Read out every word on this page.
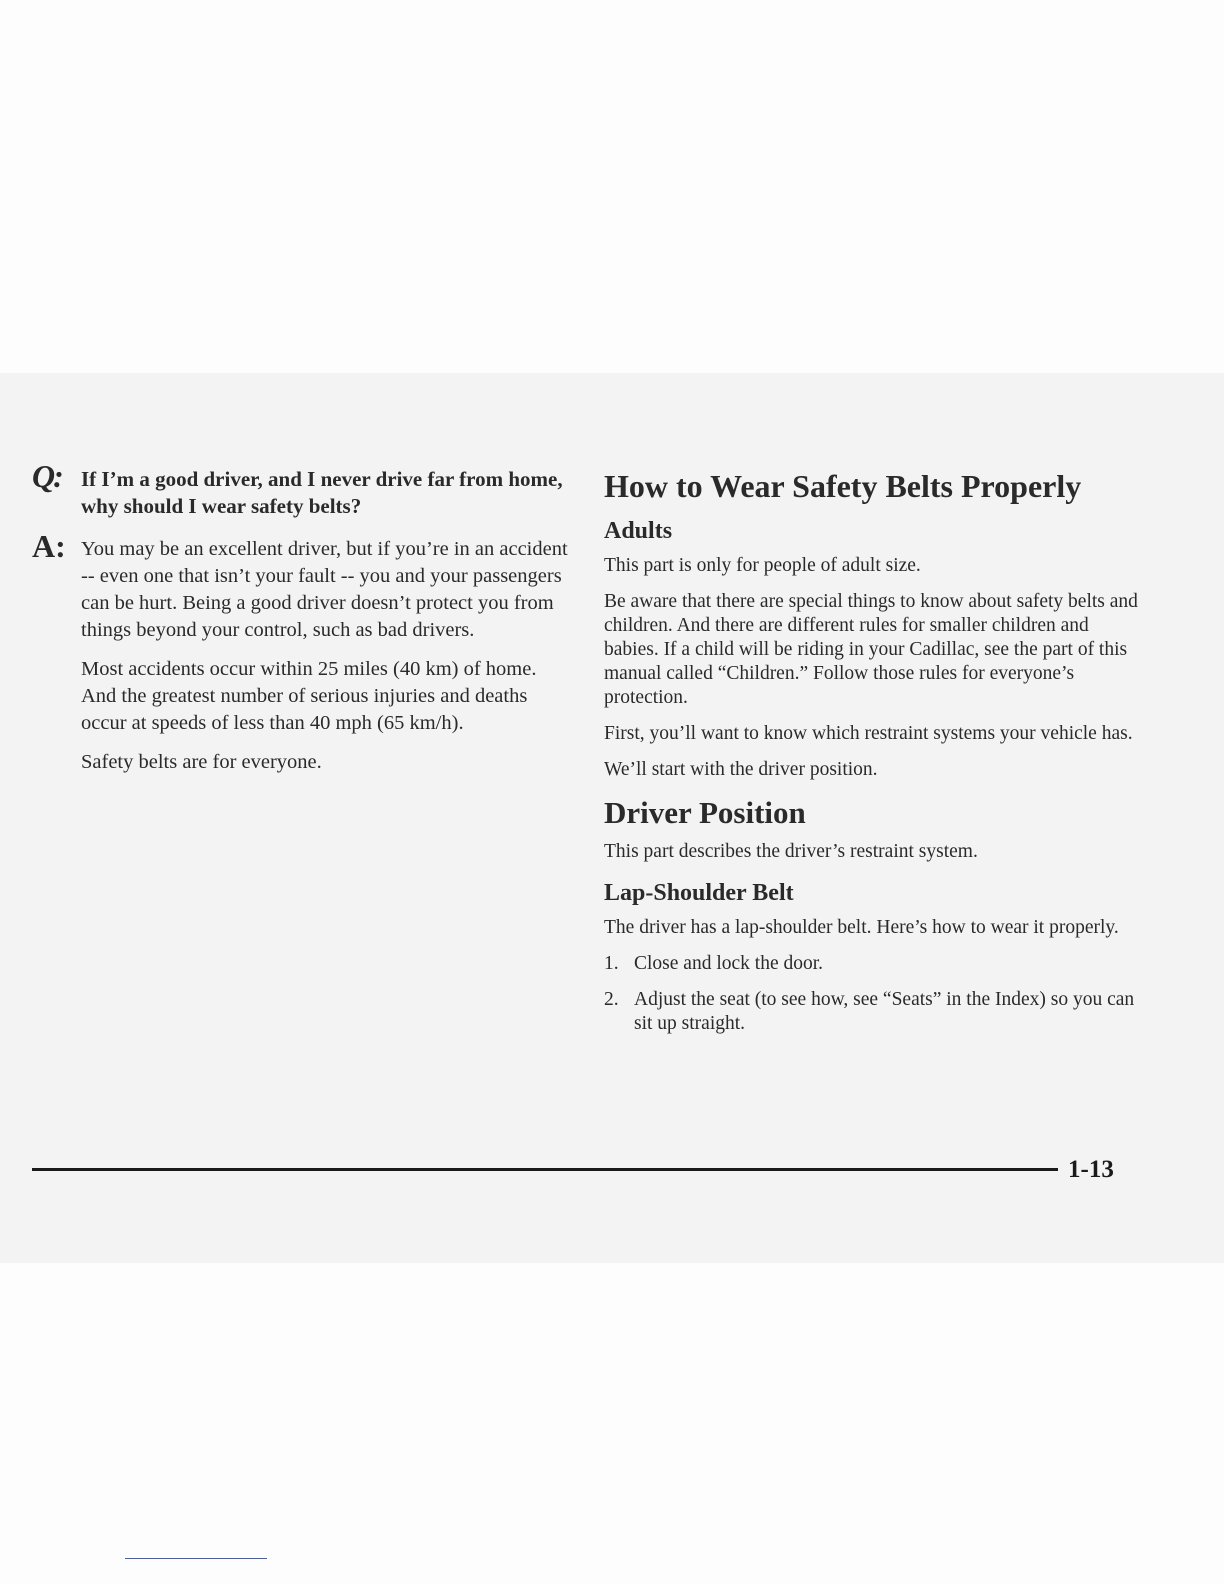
Q: If I’m a good driver, and I never drive far from home, why should I wear safety belts?

A: You may be an excellent driver, but if you’re in an accident -- even one that isn’t your fault -- you and your passengers can be hurt. Being a good driver doesn’t protect you from things beyond your control, such as bad drivers.

Most accidents occur within 25 miles (40 km) of home. And the greatest number of serious injuries and deaths occur at speeds of less than 40 mph (65 km/h).

Safety belts are for everyone.

How to Wear Safety Belts Properly
Adults

This part is only for people of adult size.

Be aware that there are special things to know about safety belts and children. And there are different rules for smaller children and babies. If a child will be riding in your Cadillac, see the part of this manual called “Children.” Follow those rules for everyone’s protection.

First, you’ll want to know which restraint systems your vehicle has.

We’ll start with the driver position.

Driver Position

This part describes the driver’s restraint system.

Lap-Shoulder Belt

The driver has a lap-shoulder belt. Here’s how to wear it properly.

1. Close and lock the door.
2. Adjust the seat (to see how, see “Seats” in the Index) so you can sit up straight.
1-13
